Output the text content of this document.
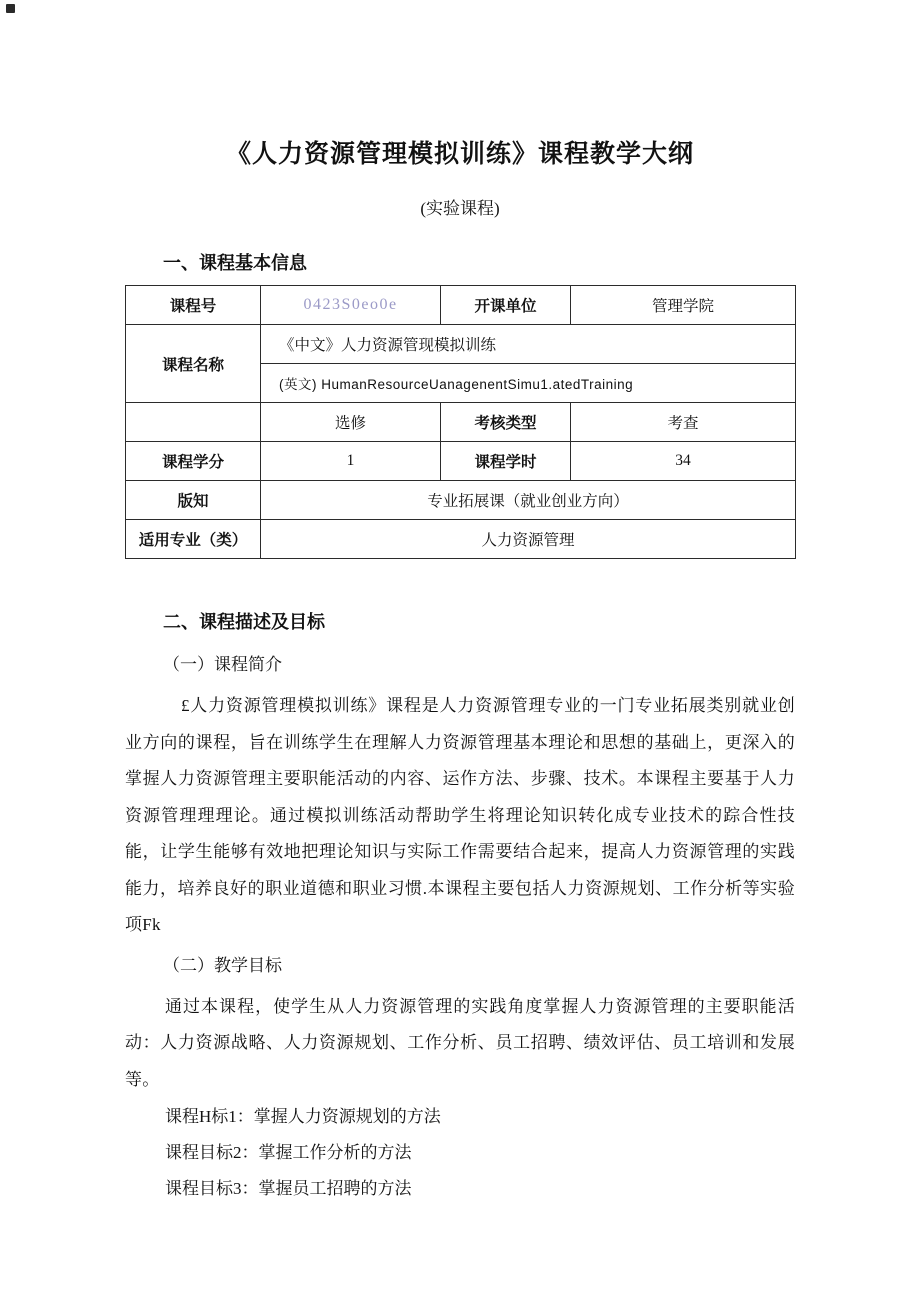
《人力资源管理模拟训练》课程教学大纲
(实验课程)
一、课程基本信息
课程号	0423S0eo0e	开课单位	管理学院
课程名称	《中文》人力资源管现模拟训练		
	(英文) HumanResourceUanagenentSimu1.atedTraining		
	选修	考核类型	考查
课程学分	1	课程学时	34
版知	专业拓展课（就业创业方向）		
适用专业（类）	人力资源管理		
二、课程描述及目标
（一）课程简介

£人力资源管理模拟训练》课程是人力资源管理专业的一门专业拓展类别就业创业方向的课程，旨在训练学生在理解人力资源管理基本理论和思想的基础上，更深入的掌握人力资源管理主要职能活动的内容、运作方法、步骤、技术。本课程主要基于人力资源管理理理论。通过模拟训练活动帮助学生将理论知识转化成专业技术的踪合性技能，让学生能够有效地把理论知识与实际工作需要结合起来，提高人力资源管理的实践能力，培养良好的职业道德和职业习惯.本课程主要包括人力资源规划、工作分析等实验项Fk

（二）教学目标

通过本课程，使学生从人力资源管理的实践角度掌握人力资源管理的主要职能活动：人力资源战略、人力资源规划、工作分析、员工招聘、绩效评估、员工培训和发展等。

课程H标1：掌握人力资源规划的方法
课程目标2：掌握工作分析的方法
课程目标3：掌握员工招聘的方法
